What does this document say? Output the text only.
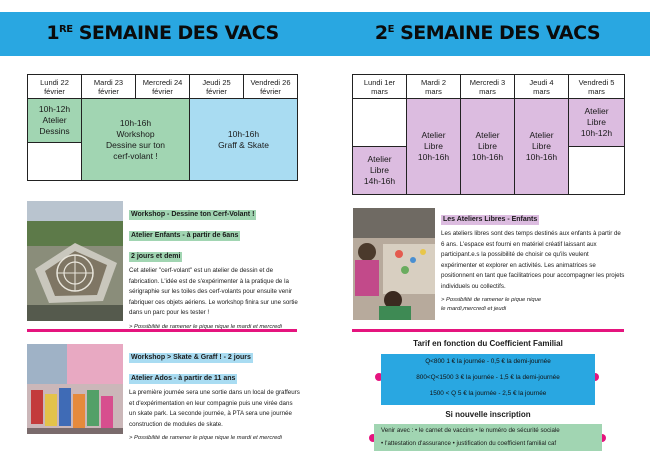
1RE SEMAINE DES VACS
Lundi 22
février	Mardi 23
février	Mercredi 24
février	Jeudi 25
février	Vendredi 26
février
10h-12h
Atelier
Dessins	10h-16h
Workshop
Dessine sur ton
cerf-volant !		10h-16h
Graff & Skate	

Workshop - Dessine ton Cerf-Volant !
Atelier Enfants - à partir de 6ans
2 jours et demi

Cet atelier "cerf-volant" est un atelier de dessin et de fabrication. L'idée est de s'expérimenter à la pratique de la sérigraphie sur les toiles des cerf-volants pour ensuite venir fabriquer ces objets aériens. Le workshop finira sur une sortie dans un parc pour les tester !

> Possibilité de ramener le pique nique le mardi et mercredi

Workshop > Skate & Graff ! - 2 jours
Atelier Ados - à partir de 11 ans

La première journée sera une sortie dans un local de graffeurs et d'expérimentation en leur compagnie puis une virée dans un skate park. La seconde journée, à PTA sera une journée construction de modules de skate.

> Possibilité de ramener le pique nique le mardi et mercredi

$2^E$ SEMAINE DES VACS
Lundi 1er
mars	Mardi 2
mars	Mercredi 3
mars	Jeudi 4
mars	Vendredi 5
mars
	Atelier
Libre
10h-16h	Atelier
Libre
10h-16h	Atelier
Libre
10h-16h	Atelier
Libre
10h-12h
Atelier
Libre
14h-16h				
Les Ateliers Libres - Enfants

Les ateliers libres sont des temps destinés aux enfants à partir de 6 ans. L'espace est fourni en matériel créatif laissant aux participant.e.s la possibilité de choisir ce qu'ils veulent expérimenter et explorer en activités. Les animatrices se positionnent en tant que facilitatrices pour accompagner les projets individuels ou collectifs.

> Possibilité de ramener le pique nique
le mardi,mercredi et jeudi

Tarif en fonction du Coefficient Familial
Q<800 1 € la journée - 0,5 € la demi-journée
800<Q<1500 3 € la journée - 1,5 € la demi-journée
1500 < Q 5 € la journée - 2,5 € la journée
Si nouvelle inscription
Venir avec : • le carnet de vaccins • le numéro de sécurité sociale
• l'attestation d'assurance • justification du coefficient familial caf
